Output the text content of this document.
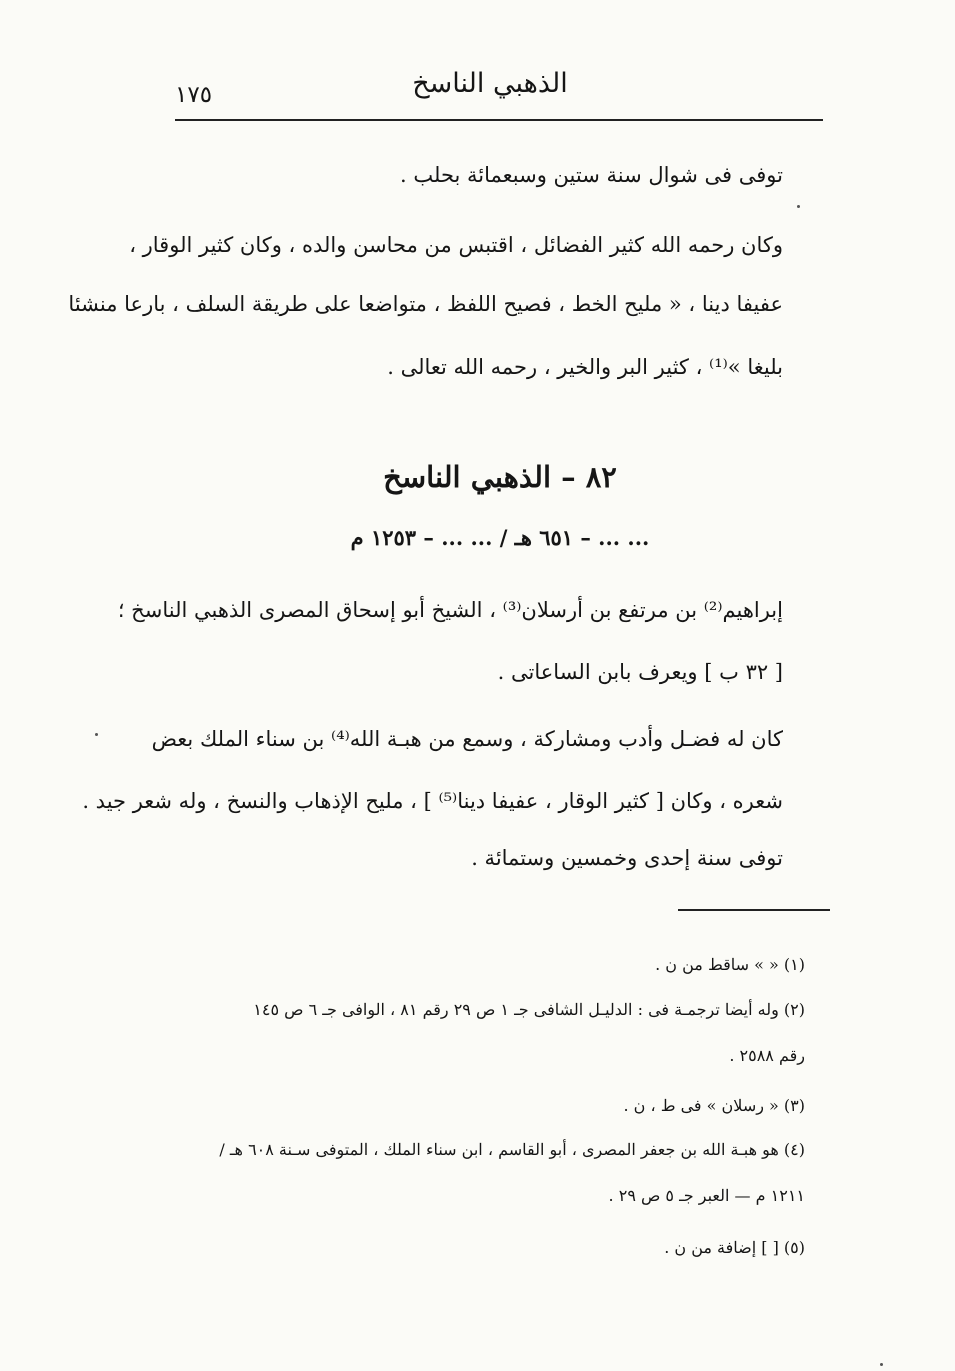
الذهبي الناسخ
١٧٥
توفى فى شوال سنة ستين وسبعمائة بحلب .
وكان رحمه الله كثير الفضائل ، اقتبس من محاسن والده ، وكان كثير الوقار ،
عفيفا دينا ، « مليح الخط ، فصيح اللفظ ، متواضعا على طريقة السلف ، بارعا منشئا
بليغا »⁽¹⁾ ، كثير البر والخير ، رحمه الله تعالى .
٨٢ – الذهبي الناسخ
... ... – ٦٥١ هـ / ... ... – ١٢٥٣ م
إبراهيم⁽²⁾ بن مرتفع بن أرسلان⁽³⁾ ، الشيخ أبو إسحاق المصرى الذهبي الناسخ ؛
[ ٣٢ ب ] ويعرف بابن الساعاتى .
كان له فضـل وأدب ومشاركة ، وسمع من هبـة الله⁽⁴⁾ بن سناء الملك بعض
شعره ، وكان [ كثير الوقار ، عفيفا دينا⁽⁵⁾ ] ، مليح الإذهاب والنسخ ، وله شعر جيد .
توفى سنة إحدى وخمسين وستمائة .
(١) « » ساقط من ن .
(٢) وله أيضا ترجمـة فى : الدليـل الشافى جـ ١ ص ٢٩ رقم ٨١ ، الوافى جـ ٦ ص ١٤٥
رقم ٢٥٨٨ .
(٣) « رسلان » فى ط ، ن .
(٤) هو هبـة الله بن جعفر المصرى ، أبو القاسم ، ابن سناء الملك ، المتوفى سـنة ٦٠٨ هـ /
١٢١١ م — العبر جـ ٥ ص ٢٩ .
(٥) [ ] إضافة من ن .
